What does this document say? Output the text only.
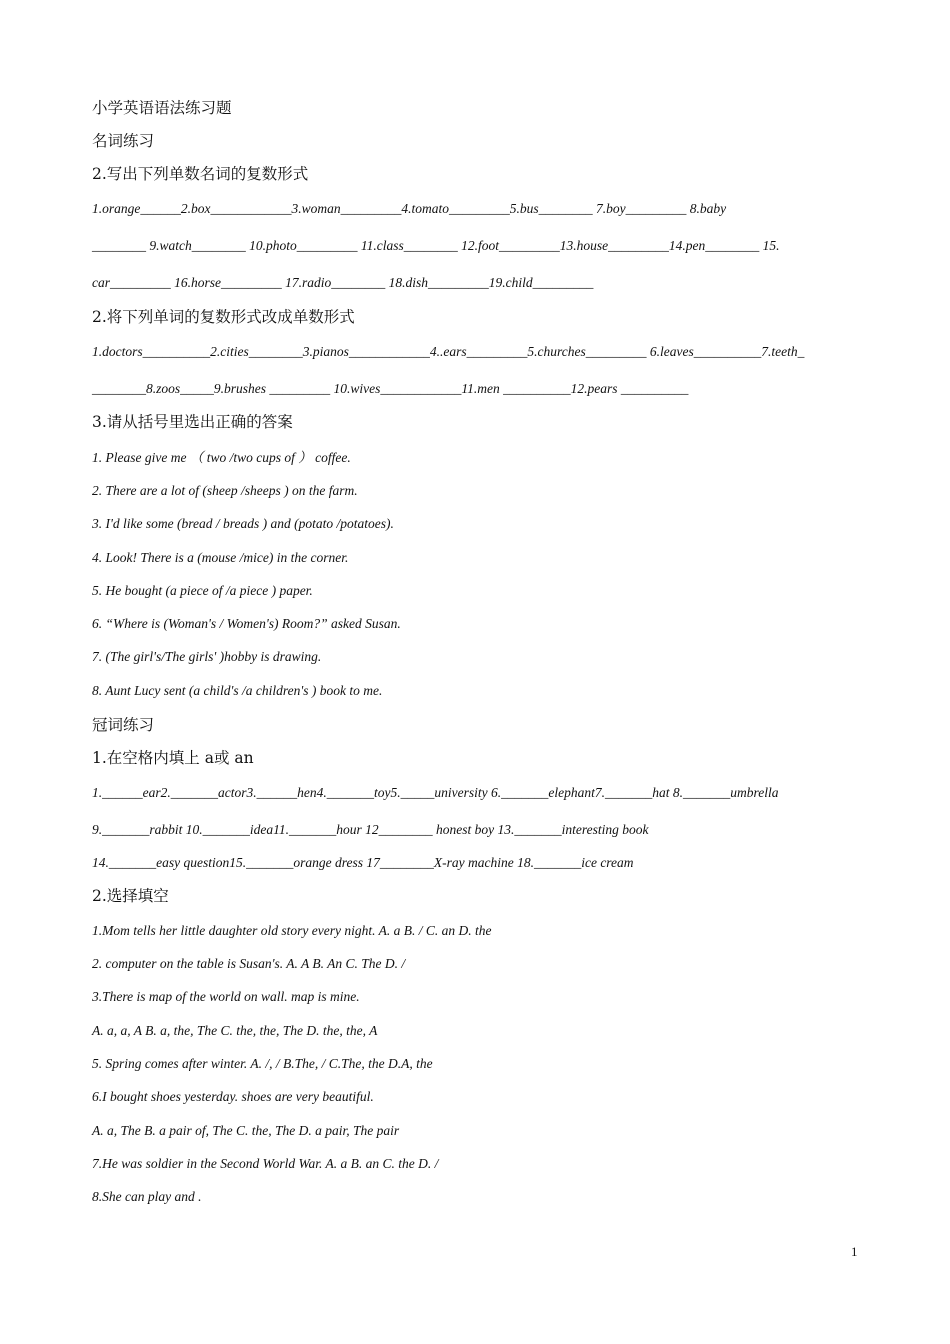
小学英语语法练习题
名词练习
2.写出下列单数名词的复数形式
1.orange______2.box____________3.woman_________4.tomato_________5.bus________ 7.boy_________ 8.baby
________ 9.watch________ 10.photo_________ 11.class________ 12.foot_________13.house_________14.pen________ 15.
car_________ 16.horse_________ 17.radio________ 18.dish_________19.child_________
2.将下列单词的复数形式改成单数形式
1.doctors__________2.cities________3.pianos____________4..ears_________5.churches_________ 6.leaves__________7.teeth_
________8.zoos_____9.brushes _________ 10.wives____________11.men __________12.pears __________
3.请从括号里选出正确的答案
1. Please give me （ two /two cups of ） coffee.
2. There are a lot of (sheep /sheeps ) on the farm.
3. I'd like some (bread / breads ) and (potato /potatoes).
4. Look! There is a (mouse /mice) in the corner.
5. He bought (a piece of /a piece ) paper.
6. “Where is (Woman's / Women's) Room?” asked Susan.
7. (The girl's/The girls' )hobby is drawing.
8. Aunt Lucy sent (a child's /a children's ) book to me.
冠词练习
1.在空格内填上 a或 an
1.______ear2._______actor3.______hen4._______toy5._____university 6._______elephant7._______hat 8._______umbrella
9._______rabbit 10._______idea11._______hour 12________ honest boy 13._______interesting book
14._______easy question15._______orange dress 17________X-ray machine 18._______ice cream
2.选择填空
1.Mom tells her little daughter old story every night. A. a B. / C. an D. the
2. computer on the table is Susan's. A. A B. An C. The D. /
3.There is map of the world on wall. map is mine.
A. a, a, A B. a, the, The C. the, the, The D. the, the, A
5. Spring comes after winter. A. /, / B.The, / C.The, the D.A, the
6.I bought shoes yesterday. shoes are very beautiful.
A. a, The B. a pair of, The C. the, The D. a pair, The pair
7.He was soldier in the Second World War. A. a B. an C. the D. /
8.She can play and .
1
